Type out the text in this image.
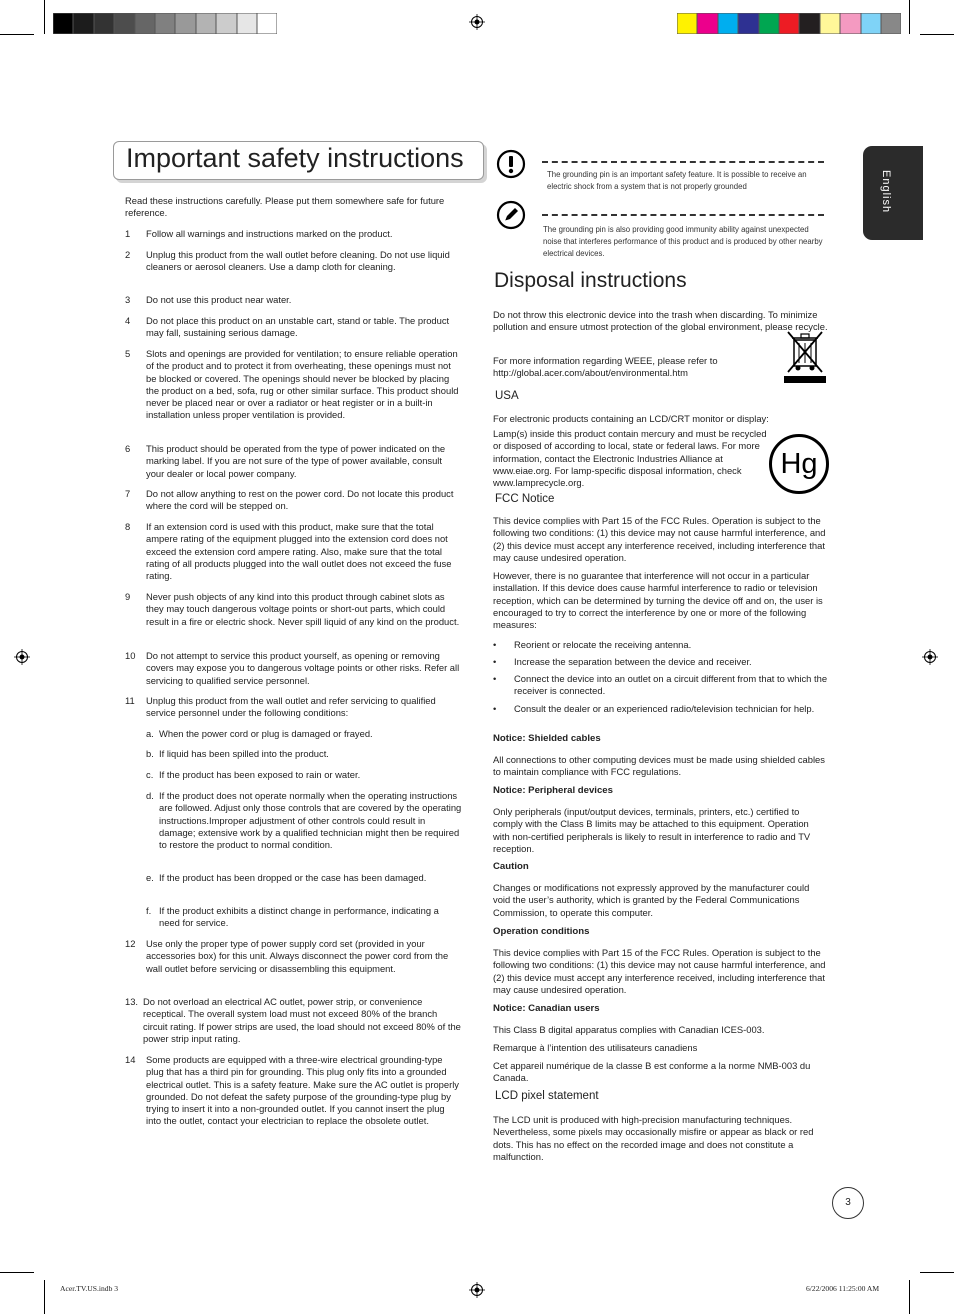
Important safety instructions
Read these instructions carefully. Please put them somewhere safe for future reference.
1 Follow all warnings and instructions marked on the product.
2 Unplug this product from the wall outlet before cleaning. Do not use liquid cleaners or aerosol cleaners. Use a damp cloth for cleaning.
3 Do not use this product near water.
4 Do not place this product on an unstable cart, stand or table. The product may fall, sustaining serious damage.
5 Slots and openings are provided for ventilation; to ensure reliable operation of the product and to protect it from overheating, these openings must not be blocked or covered. The openings should never be blocked by placing the product on a bed, sofa, rug or other similar surface. This product should never be placed near or over a radiator or heat register or in a built-in installation unless proper ventilation is provided.
6 This product should be operated from the type of power indicated on the marking label. If you are not sure of the type of power available, consult your dealer or local power company.
7 Do not allow anything to rest on the power cord. Do not locate this product where the cord will be stepped on.
8 If an extension cord is used with this product, make sure that the total ampere rating of the equipment plugged into the extension cord does not exceed the extension cord ampere rating. Also, make sure that the total rating of all products plugged into the wall outlet does not exceed the fuse rating.
9 Never push objects of any kind into this product through cabinet slots as they may touch dangerous voltage points or short-out parts, which could result in a fire or electric shock. Never spill liquid of any kind on the product.
10 Do not attempt to service this product yourself, as opening or removing covers may expose you to dangerous voltage points or other risks. Refer all servicing to qualified service personnel.
11 Unplug this product from the wall outlet and refer servicing to qualified service personnel under the following conditions:
a. When the power cord or plug is damaged or frayed.
b. If liquid has been spilled into the product.
c. If the product has been exposed to rain or water.
d. If the product does not operate normally when the operating instructions are followed. Adjust only those controls that are covered by the operating instructions.Improper adjustment of other controls could result in damage; extensive work by a qualified technician might then be required to restore the product to normal condition.
e. If the product has been dropped or the case has been damaged.
f. If the product exhibits a distinct change in performance, indicating a need for service.
12 Use only the proper type of power supply cord set (provided in your accessories box) for this unit. Always disconnect the power cord from the wall outlet before servicing or disassembling this equipment.
13. Do not overload an electrical AC outlet, power strip, or convenience receptical. The overall system load must not exceed 80% of the branch circuit rating. If power strips are used, the load should not exceed 80% of the power strip input rating.
14 Some products are equipped with a three-wire electrical grounding-type plug that has a third pin for grounding. This plug only fits into a grounded electrical outlet. This is a safety feature. Make sure the AC outlet is properly grounded. Do not defeat the safety purpose of the grounding-type plug by trying to insert it into a non-grounded outlet. If you cannot insert the plug into the outlet, contact your electrician to replace the obsolete outlet.
The grounding pin is an important safety feature. It is possible to receive an electric shock from a system that is not properly grounded
The grounding pin is also providing good immunity ability against unexpected noise that interferes performance of this product and is produced by other nearby electrical devices.
Disposal instructions
Do not throw this electronic device into the trash when discarding. To minimize pollution and ensure utmost protection of the global environment, please recycle.
For more information regarding WEEE, please refer to
http://global.acer.com/about/environmental.htm
USA
For electronic products containing an LCD/CRT monitor or display:
Lamp(s) inside this product contain mercury and must be recycled or disposed of according to local, state or federal laws. For more information, contact the Electronic Industries Alliance at www.eiae.org. For lamp-specific disposal information, check www.lamprecycle.org.
Hg
FCC Notice
This device complies with Part 15 of the FCC Rules. Operation is subject to the following two conditions: (1) this device may not cause harmful interference, and (2) this device must accept any interference received, including interference that may cause undesired operation.
However, there is no guarantee that interference will not occur in a particular installation. If this device does cause harmful interference to radio or television reception, which can be determined by turning the device off and on, the user is encouraged to try to correct the interference by one or more of the following measures:
• Reorient or relocate the receiving antenna.
• Increase the separation between the device and receiver.
• Connect the device into an outlet on a circuit different from that to which the receiver is connected.
• Consult the dealer or an experienced radio/television technician for help.
Notice: Shielded cables
All connections to other computing devices must be made using shielded cables to maintain compliance with FCC regulations.
Notice: Peripheral devices
Only peripherals (input/output devices, terminals, printers, etc.) certified to comply with the Class B limits may be attached to this equipment. Operation with non-certified peripherals is likely to result in interference to radio and TV reception.
Caution
Changes or modifications not expressly approved by the manufacturer could void the user’s authority, which is granted by the Federal Communications Commission, to operate this computer.
Operation conditions
This device complies with Part 15 of the FCC Rules. Operation is subject to the following two conditions: (1) this device may not cause harmful interference, and (2) this device must accept any interference received, including interference that may cause undesired operation.
Notice: Canadian users
This Class B digital apparatus complies with Canadian ICES-003.
Remarque à l’intention des utilisateurs canadiens
Cet appareil numérique de la classe B est conforme a la norme NMB-003 du Canada.
LCD pixel statement
The LCD unit is produced with high-precision manufacturing techniques. Nevertheless, some pixels may occasionally misfire or appear as black or red dots. This has no effect on the recorded image and does not constitute a malfunction.
English
3
Acer.TV.US.indb 3	6/22/2006 11:25:00 AM
